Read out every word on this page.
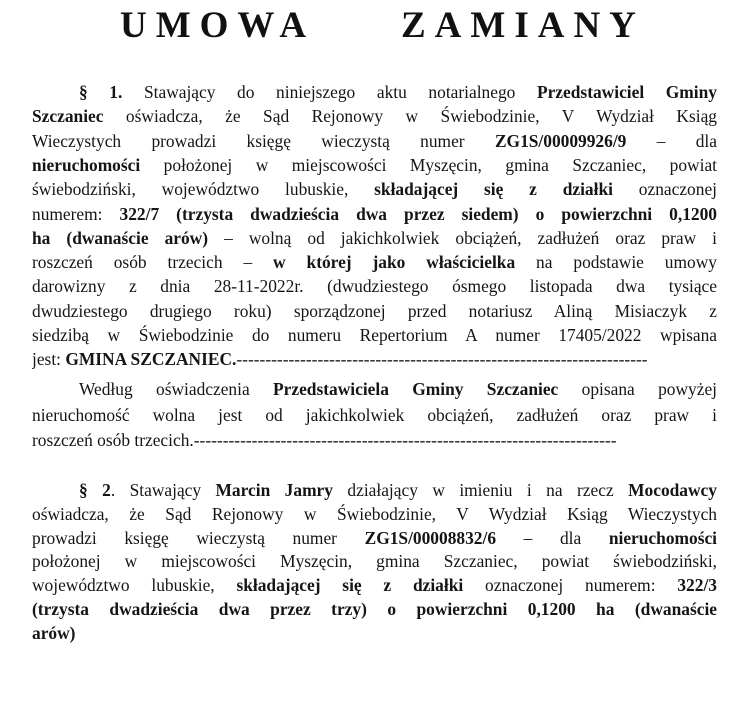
UMOWA ZAMIANY
§ 1. Stawający do niniejszego aktu notarialnego Przedstawiciel Gminy
Szczaniec oświadcza, że Sąd Rejonowy w Świebodzinie, V Wydział Ksiąg
Wieczystych prowadzi księgę wieczystą numer ZG1S/00009926/9 – dla
nieruchomości położonej w miejscowości Myszęcin, gmina Szczaniec, powiat
świebodziński, województwo lubuskie, składającej się z działki oznaczonej
numerem: 322/7 (trzysta dwadzieścia dwa przez siedem) o powierzchni 0,1200
ha (dwanaście arów) – wolną od jakichkolwiek obciążeń, zadłużeń oraz praw i
roszczeń osób trzecich – w której jako właścicielka na podstawie umowy
darowizny z dnia 28-11-2022r. (dwudziestego ósmego listopada dwa tysiące
dwudziestego drugiego roku) sporządzonej przed notariusz Aliną Misiaczyk z
siedzibą w Świebodzinie do numeru Repertorium A numer 17405/2022 wpisana
jest: GMINA SZCZANIEC.-----------------------------------------------------------------------
Według oświadczenia Przedstawiciela Gminy Szczaniec opisana powyżej
nieruchomość wolna jest od jakichkolwiek obciążeń, zadłużeń oraz praw i
roszczeń osób trzecich.-------------------------------------------------------------------------
§ 2. Stawający Marcin Jamry działający w imieniu i na rzecz Mocodawcy
oświadcza, że Sąd Rejonowy w Świebodzinie, V Wydział Ksiąg Wieczystych
prowadzi księgę wieczystą numer ZG1S/00008832/6 – dla nieruchomości
położonej w miejscowości Myszęcin, gmina Szczaniec, powiat świebodziński,
województwo lubuskie, składającej się z działki oznaczonej numerem: 322/3
(trzysta dwadzieścia dwa przez trzy) o powierzchni 0,1200 ha (dwanaście
arów)
